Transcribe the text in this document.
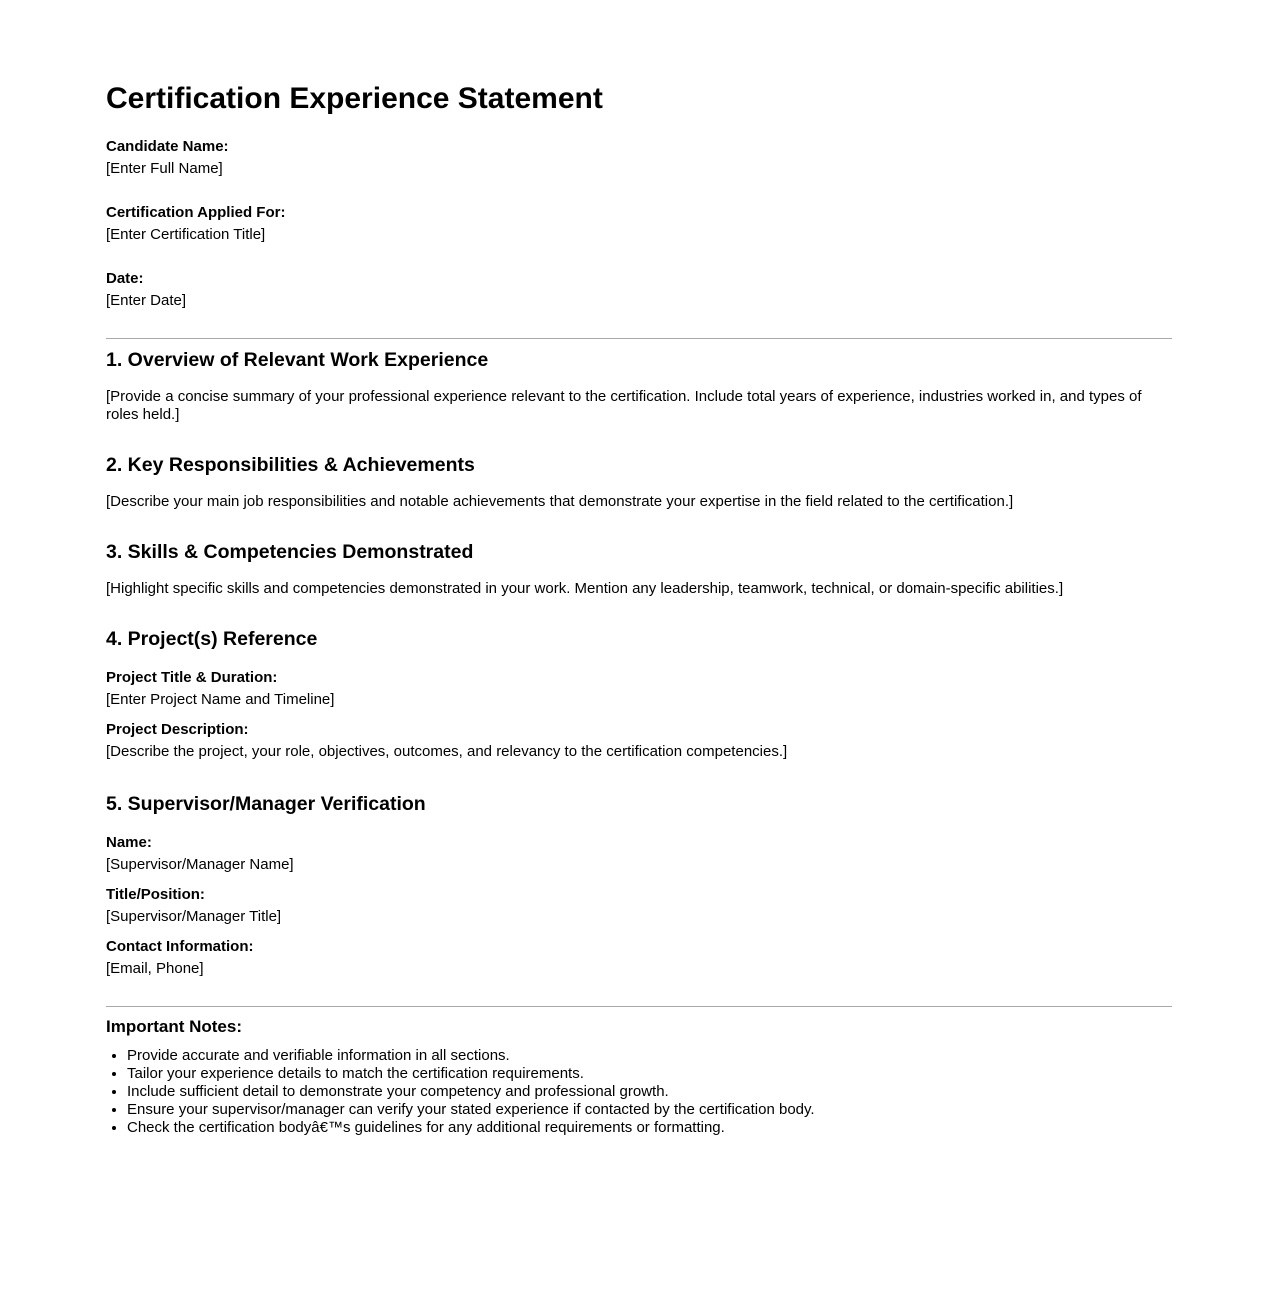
Certification Experience Statement

Candidate Name:
[Enter Full Name]

Certification Applied For:
[Enter Certification Title]

Date:
[Enter Date]

1. Overview of Relevant Work Experience

[Provide a concise summary of your professional experience relevant to the certification. Include total years of experience, industries worked in, and types of roles held.]

2. Key Responsibilities & Achievements

[Describe your main job responsibilities and notable achievements that demonstrate your expertise in the field related to the certification.]

3. Skills & Competencies Demonstrated

[Highlight specific skills and competencies demonstrated in your work. Mention any leadership, teamwork, technical, or domain-specific abilities.]

4. Project(s) Reference

Project Title & Duration:
[Enter Project Name and Timeline]

Project Description:
[Describe the project, your role, objectives, outcomes, and relevancy to the certification competencies.]

5. Supervisor/Manager Verification

Name:
[Supervisor/Manager Name]

Title/Position:
[Supervisor/Manager Title]

Contact Information:
[Email, Phone]

Important Notes:

• Provide accurate and verifiable information in all sections.
• Tailor your experience details to match the certification requirements.
• Include sufficient detail to demonstrate your competency and professional growth.
• Ensure your supervisor/manager can verify your stated experience if contacted by the certification body.
• Check the certification bodyâ€™s guidelines for any additional requirements or formatting.
